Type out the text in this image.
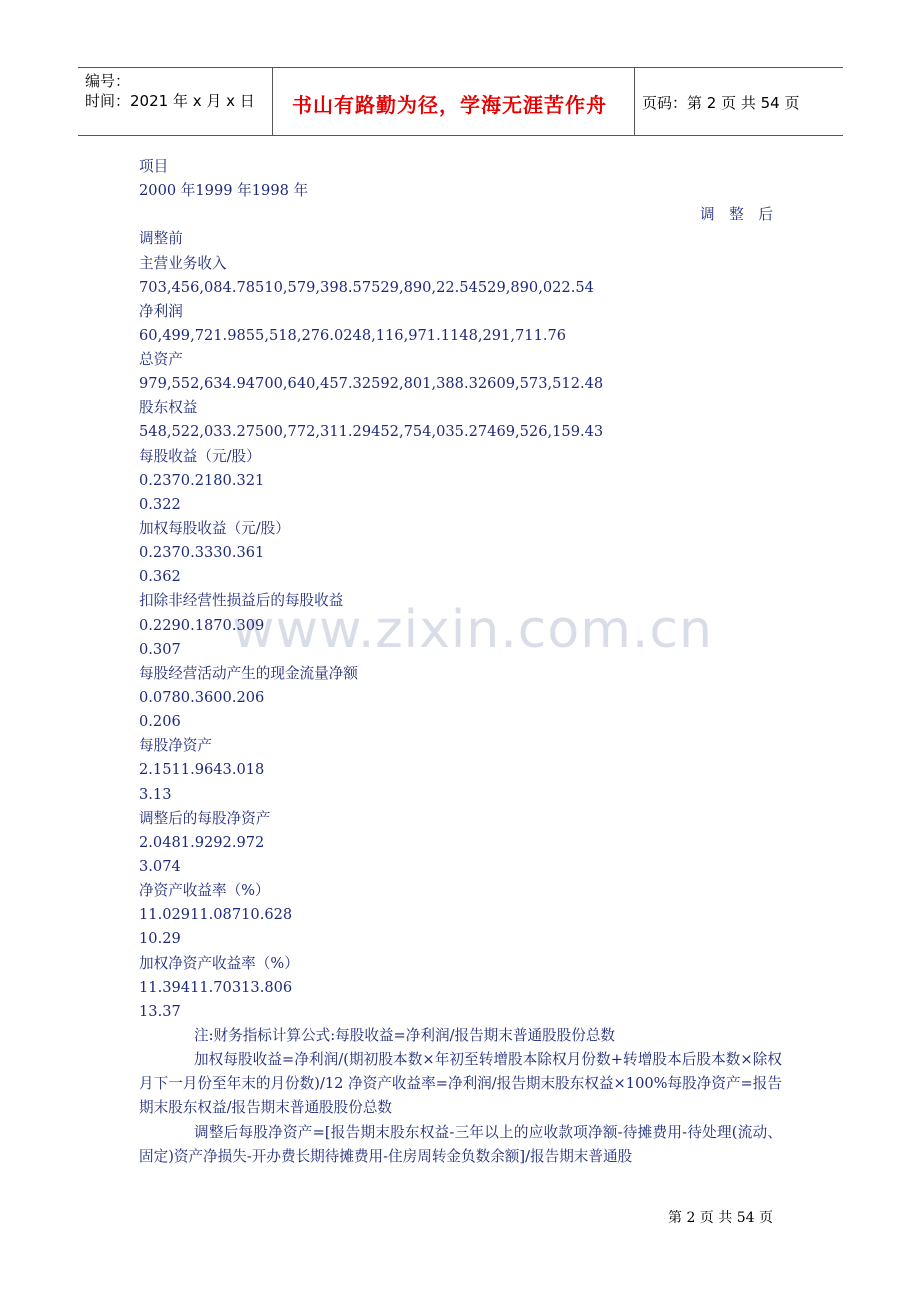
编号：
时间：2021 年 x 月 x 日 书山有路勤为径，学海无涯苦作舟 页码：第 2 页 共 54 页
www.zixin.com.cn
项目
2000 年1999 年1998 年
调　整　后
调整前
主营业务收入
703,456,084.78510,579,398.57529,890,22.54529,890,022.54
净利润
60,499,721.9855,518,276.0248,116,971.1148,291,711.76
总资产
979,552,634.94700,640,457.32592,801,388.32609,573,512.48
股东权益
548,522,033.27500,772,311.29452,754,035.27469,526,159.43
每股收益（元/股）
0.2370.2180.321
0.322
加权每股收益（元/股）
0.2370.3330.361
0.362
扣除非经营性损益后的每股收益
0.2290.1870.309
0.307
每股经营活动产生的现金流量净额
0.0780.3600.206
0.206
每股净资产
2.1511.9643.018
3.13
调整后的每股净资产
2.0481.9292.972
3.074
净资产收益率（%）
11.02911.08710.628
10.29
加权净资产收益率（%）
11.39411.70313.806
13.37
注:财务指标计算公式:每股收益=净利润/报告期末普通股股份总数
加权每股收益=净利润/(期初股本数×年初至转增股本除权月份数+转增股本后股本数×除权月下一月份至年末的月份数)/12 净资产收益率=净利润/报告期末股东权益×100%每股净资产=报告期末股东权益/报告期末普通股股份总数
调整后每股净资产=[报告期末股东权益-三年以上的应收款项净额-待摊费用-待处理(流动、固定)资产净损失-开办费长期待摊费用-住房周转金负数余额]/报告期末普通股
第 2 页 共 54 页
